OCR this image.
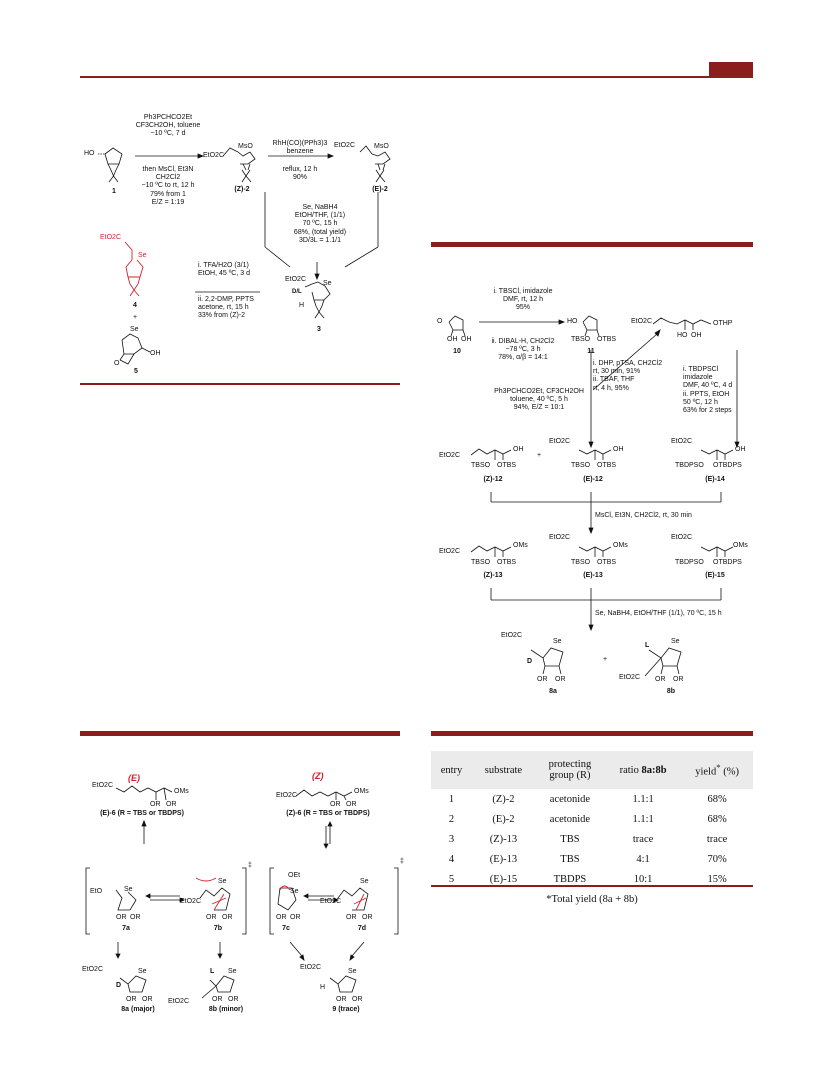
HO
1
Ph3PCHCO2Et
CF3CH2OH, toluene
−10 ºC, 7 d
then MsCl, Et3N
CH2Cl2
−10 ºC to rt, 12 h
79% from 1
E/Z = 1:19
EtO2C
MsO
(Z)-2
RhH(CO)(PPh3)3
benzene
reflux, 12 h
90%
EtO2C	MsO
(E)-2
Se, NaBH4
EtOH/THF, (1/1)
70 ºC, 15 h
68%, (total yield)
3D/3L = 1.1/1
EtO2C
D/L
Se
H
3
i. TFA/H2O (3/1)
EtOH, 45 ºC, 3 d
ii. 2,2-DMP, PPTS
acetone, rt, 15 h
33% from (Z)-2
EtO2C
Se
4
+
Se
OH
O
5
i. TBSCl, imidazole
DMF, rt, 12 h
95%
ii. DIBAL-H, CH2Cl2
−78 ºC, 3 h
78%, α/β = 14:1
O
OH OH
10
HO
TBSO OTBS
11
EtO2C	OTHP
HO OH
i. DHP, pTSA, CH2Cl2
rt, 30 min, 91%
ii. TBAF, THF
rt, 4 h, 95%
Ph3PCHCO2Et, CF3CH2OH
toluene, 40 ºC, 5 h
94%, E/Z = 10:1
i. TBDPSCl
imidazole
DMF, 40 ºC, 4 d
ii. PPTS, EtOH
50 ºC, 12 h
63% for 2 steps
EtO2C
OH
TBSO OTBS
(Z)-12
+
EtO2C
OH
TBSO OTBS
(E)-12
EtO2C
OH
TBDPSO OTBDPS
(E)-14
MsCl, Et3N, CH2Cl2, rt, 30 min
EtO2C
OMs
TBSO OTBS
(Z)-13
EtO2C
OMs
TBSO OTBS
(E)-13
EtO2C
OMs
TBDPSO OTBDPS
(E)-15
Se, NaBH4, EtOH/THF (1/1), 70 ºC, 15 h
EtO2C
Se
D
OR OR
8a
+
L
Se
EtO2C OR OR
8b
EtO2C
(E)
OMs
OR OR
(E)-6 (R = TBS or TBDPS)
EtO2C
(Z)
OMs
OR OR
(Z)-6 (R = TBS or TBDPS)
‡
‡
EtO	Se
OR OR
7a
EtO2C
Se
OR OR
7b
OEt
Se
OR OR
7c
EtO2C
Se
OR OR
7d
EtO2C
D
Se
OR OR
8a (major)
L Se
EtO2C	OR OR
8b (minor)
EtO2C
H
Se
OR OR
9 (trace)
entry	substrate	protecting
group (R)	ratio 8a:8b	yield* (%)
1	(Z)-2	acetonide	1.1:1	68%
2	(E)-2	acetonide	1.1:1	68%
3	(Z)-13	TBS	trace	trace
4	(E)-13	TBS	4:1	70%
5	(E)-15	TBDPS	10:1	15%
*Total yield (8a + 8b)				
